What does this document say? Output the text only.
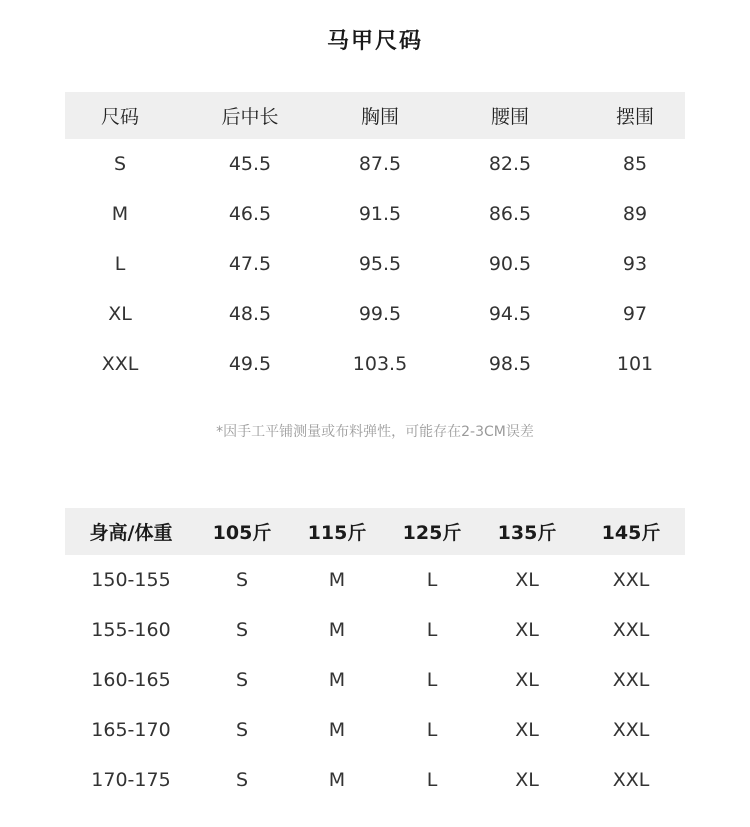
马甲尺码
尺码	后中长	胸围	腰围	摆围
S	45.5	87.5	82.5	85
M	46.5	91.5	86.5	89
L	47.5	95.5	90.5	93
XL	48.5	99.5	94.5	97
XXL	49.5	103.5	98.5	101
*因手工平铺测量或布料弹性，可能存在2-3CM误差
身高/体重	105斤	115斤	125斤	135斤	145斤
150-155	S	M	L	XL	XXL
155-160	S	M	L	XL	XXL
160-165	S	M	L	XL	XXL
165-170	S	M	L	XL	XXL
170-175	S	M	L	XL	XXL
